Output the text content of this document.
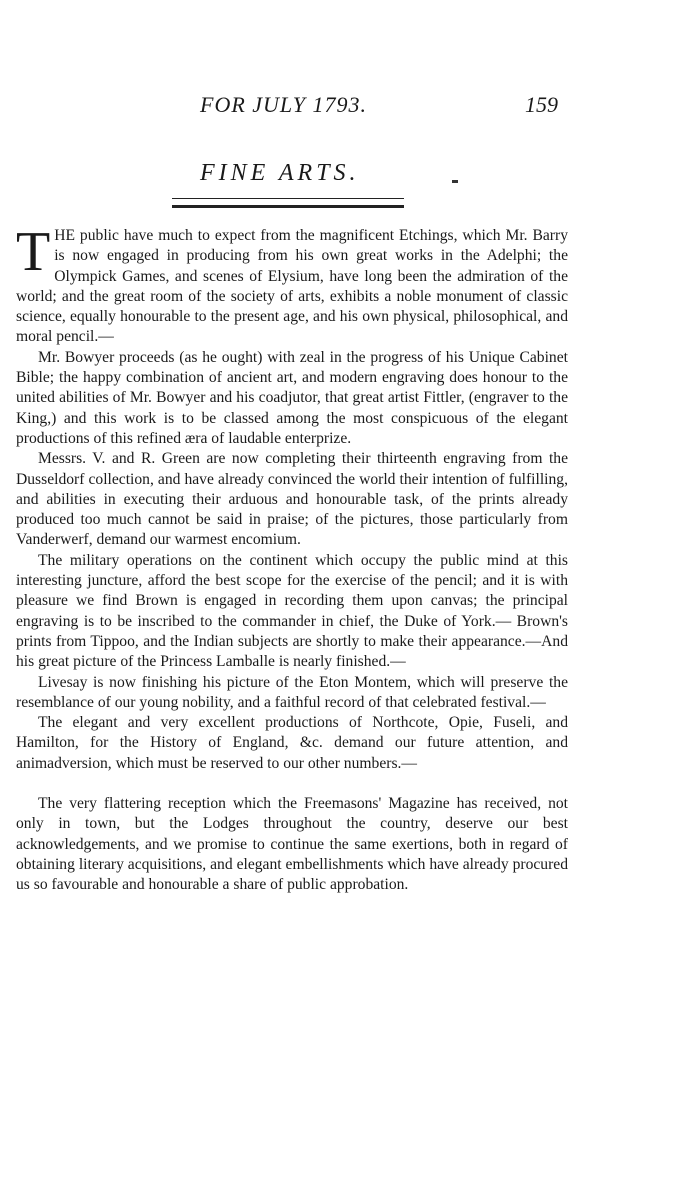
FOR JULY 1793.	159
FINE ARTS.

THE public have much to expect from the magnificent Etchings, which Mr. Barry is now engaged in producing from his own great works in the Adelphi; the Olympick Games, and scenes of Elysium, have long been the admiration of the world; and the great room of the society of arts, exhibits a noble monument of classic science, equally honourable to the present age, and his own physical, philosophical, and moral pencil.—

Mr. Bowyer proceeds (as he ought) with zeal in the progress of his Unique Cabinet Bible; the happy combination of ancient art, and modern engraving does honour to the united abilities of Mr. Bowyer and his coadjutor, that great artist Fittler, (engraver to the King,) and this work is to be classed among the most conspicuous of the elegant productions of this refined æra of laudable enterprize.

Messrs. V. and R. Green are now completing their thirteenth engraving from the Dusseldorf collection, and have already convinced the world their intention of fulfilling, and abilities in executing their arduous and honourable task, of the prints already produced too much cannot be said in praise; of the pictures, those particularly from Vanderwerf, demand our warmest encomium.

The military operations on the continent which occupy the public mind at this interesting juncture, afford the best scope for the exercise of the pencil; and it is with pleasure we find Brown is engaged in recording them upon canvas; the principal engraving is to be inscribed to the commander in chief, the Duke of York.— Brown's prints from Tippoo, and the Indian subjects are shortly to make their appearance.—And his great picture of the Princess Lamballe is nearly finished.—

Livesay is now finishing his picture of the Eton Montem, which will preserve the resemblance of our young nobility, and a faithful record of that celebrated festival.—

The elegant and very excellent productions of Northcote, Opie, Fuseli, and Hamilton, for the History of England, &c. demand our future attention, and animadversion, which must be reserved to our other numbers.—

The very flattering reception which the Freemasons' Magazine has received, not only in town, but the Lodges throughout the country, deserve our best acknowledgements, and we promise to continue the same exertions, both in regard of obtaining literary acquisitions, and elegant embellishments which have already procured us so favourable and honourable a share of public approbation.
